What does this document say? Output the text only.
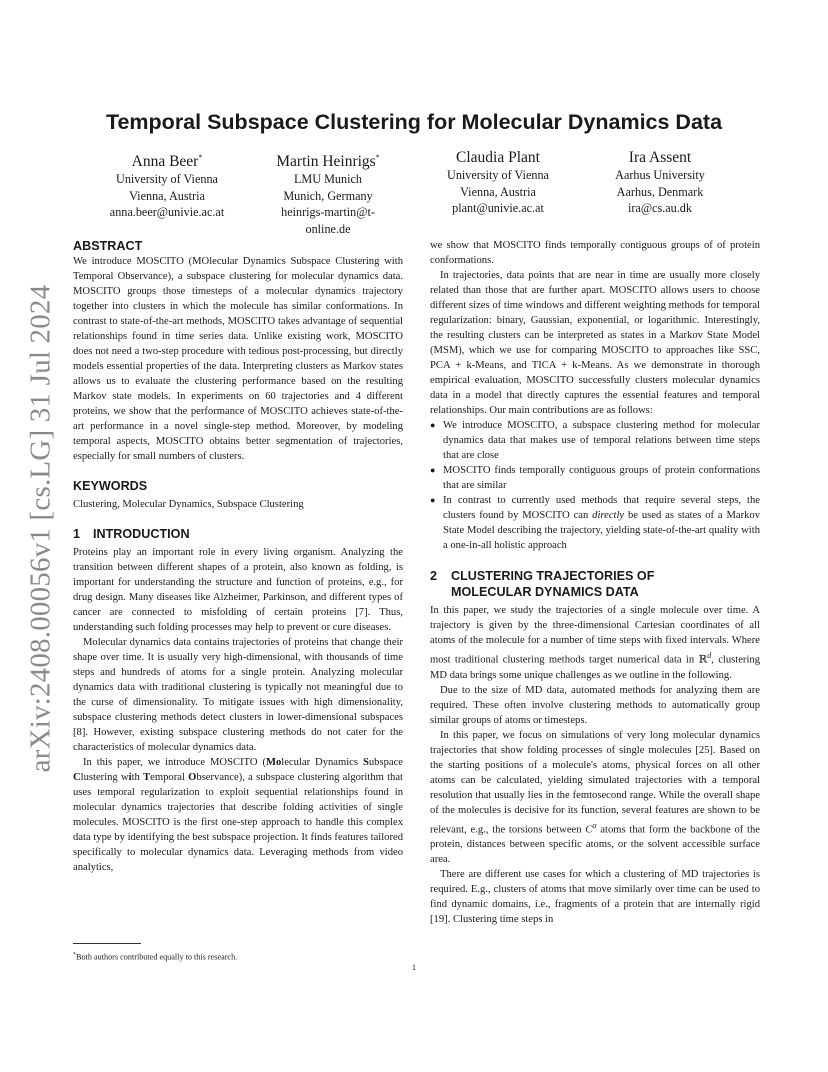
arXiv:2408.00056v1 [cs.LG] 31 Jul 2024
Temporal Subspace Clustering for Molecular Dynamics Data
Anna Beer*
University of Vienna
Vienna, Austria
anna.beer@univie.ac.at
Martin Heinrigs*
LMU Munich
Munich, Germany
heinrigs-martin@t-
online.de
Claudia Plant
University of Vienna
Vienna, Austria
plant@univie.ac.at
Ira Assent
Aarhus University
Aarhus, Denmark
ira@cs.au.dk
ABSTRACT

We introduce MOSCITO (MOlecular Dynamics Subspace Clustering with Temporal Observance), a subspace clustering for molecular dynamics data. MOSCITO groups those timesteps of a molecular dynamics trajectory together into clusters in which the molecule has similar conformations. In contrast to state-of-the-art methods, MOSCITO takes advantage of sequential relationships found in time series data. Unlike existing work, MOSCITO does not need a two-step procedure with tedious post-processing, but directly models essential properties of the data. Interpreting clusters as Markov states allows us to evaluate the clustering performance based on the resulting Markov state models. In experiments on 60 trajectories and 4 different proteins, we show that the performance of MOSCITO achieves state-of-the-art performance in a novel single-step method. Moreover, by modeling temporal aspects, MOSCITO obtains better segmentation of trajectories, especially for small numbers of clusters.

KEYWORDS

Clustering, Molecular Dynamics, Subspace Clustering

1 INTRODUCTION

Proteins play an important role in every living organism. Analyzing the transition between different shapes of a protein, also known as folding, is important for understanding the structure and function of proteins, e.g., for drug design. Many diseases like Alzheimer, Parkinson, and different types of cancer are connected to misfolding of certain proteins [7]. Thus, understanding such folding processes may help to prevent or cure diseases.

Molecular dynamics data contains trajectories of proteins that change their shape over time. It is usually very high-dimensional, with thousands of time steps and hundreds of atoms for a single protein. Analyzing molecular dynamics data with traditional clustering is typically not meaningful due to the curse of dimensionality. To mitigate issues with high dimensionality, subspace clustering methods detect clusters in lower-dimensional subspaces [8]. However, existing subspace clustering methods do not cater for the characteristics of molecular dynamics data.

In this paper, we introduce MOSCITO (Molecular Dynamics Subspace Clustering with Temporal Observance), a subspace clustering algorithm that uses temporal regularization to exploit sequential relationships found in molecular dynamics trajectories that describe folding activities of single molecules. MOSCITO is the first one-step approach to handle this complex data type by identifying the best subspace projection. It finds features tailored specifically to molecular dynamics data. Leveraging methods from video analytics,

*Both authors contributed equally to this research.

we show that MOSCITO finds temporally contiguous groups of of protein conformations.

In trajectories, data points that are near in time are usually more closely related than those that are further apart. MOSCITO allows users to choose different sizes of time windows and different weighting methods for temporal regularization: binary, Gaussian, exponential, or logarithmic. Interestingly, the resulting clusters can be interpreted as states in a Markov State Model (MSM), which we use for comparing MOSCITO to approaches like SSC, PCA + k-Means, and TICA + k-Means. As we demonstrate in thorough empirical evaluation, MOSCITO successfully clusters molecular dynamics data in a model that directly captures the essential features and temporal relationships. Our main contributions are as follows:

● We introduce MOSCITO, a subspace clustering method for molecular dynamics data that makes use of temporal relations between time steps that are close
● MOSCITO finds temporally contiguous groups of protein conformations that are similar
● In contrast to currently used methods that require several steps, the clusters found by MOSCITO can directly be used as states of a Markov State Model describing the trajectory, yielding state-of-the-art quality with a one-in-all holistic approach
2 CLUSTERING TRAJECTORIES OF
MOLECULAR DYNAMICS DATA

In this paper, we study the trajectories of a single molecule over time. A trajectory is given by the three-dimensional Cartesian coordinates of all atoms of the molecule for a number of time steps with fixed intervals. Where most traditional clustering methods target numerical data in ℝ$^d$, clustering MD data brings some unique challenges as we outline in the following.

Due to the size of MD data, automated methods for analyzing them are required. These often involve clustering methods to automatically group similar groups of atoms or timesteps.

In this paper, we focus on simulations of very long molecular dynamics trajectories that show folding processes of single molecules [25]. Based on the starting positions of a molecule's atoms, physical forces on all other atoms can be calculated, yielding simulated trajectories with a temporal resolution that usually lies in the femtosecond range. While the overall shape of the molecules is decisive for its function, several features are shown to be relevant, e.g., the torsions between $C^\alpha$ atoms that form the backbone of the protein, distances between specific atoms, or the solvent accessible surface area.

There are different use cases for which a clustering of MD trajectories is required. E.g., clusters of atoms that move similarly over time can be used to find dynamic domains, i.e., fragments of a protein that are internally rigid [19]. Clustering time steps in

1
